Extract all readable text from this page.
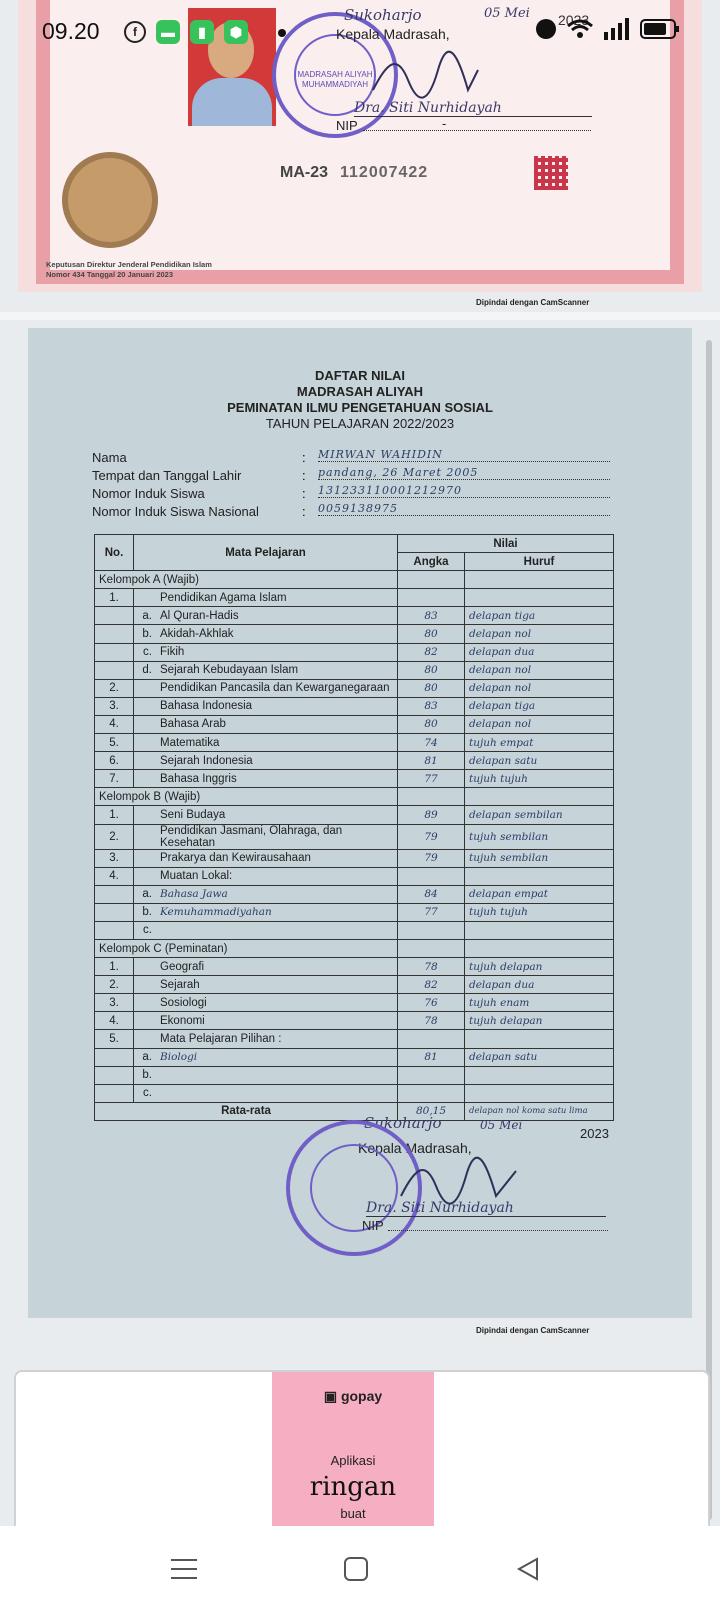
09.20	f	▬	▮	⬢
MADRASAH ALIYAH MUHAMMADIYAH
Sukoharjo	05 Mei 2023
Kepala Madrasah,
Dra. Siti Nurhidayah
NIP	-
MA-23 112007422
Keputusan Direktur Jenderal Pendidikan Islam
Nomor 434 Tanggal 20 Januari 2023
Dipindai dengan CamScanner
DAFTAR NILAI
MADRASAH ALIYAH
PEMINATAN ILMU PENGETAHUAN SOSIAL
TAHUN PELAJARAN 2022/2023
Nama	: MIRWAN WAHIDIN
Tempat dan Tanggal Lahir	: pandang, 26 Maret 2005
Nomor Induk Siswa	: 131233110001212970
Nomor Induk Siswa Nasional	: 0059138975
No.	Mata Pelajaran		Nilai	
			Angka	Huruf
Kelompok A (Wajib)				
1.		Pendidikan Agama Islam		
	a.	Al Quran-Hadis	83	delapan tiga
	b.	Akidah-Akhlak	80	delapan nol
	c.	Fikih	82	delapan dua
	d.	Sejarah Kebudayaan Islam	80	delapan nol
2.		Pendidikan Pancasila dan Kewarganegaraan	80	delapan nol
3.		Bahasa Indonesia	83	delapan tiga
4.		Bahasa Arab	80	delapan nol
5.		Matematika	74	tujuh empat
6.		Sejarah Indonesia	81	delapan satu
7.		Bahasa Inggris	77	tujuh tujuh
Kelompok B (Wajib)				
1.		Seni Budaya	89	delapan sembilan
2.		Pendidikan Jasmani, Olahraga, dan Kesehatan	79	tujuh sembilan
3.		Prakarya dan Kewirausahaan	79	tujuh sembilan
4.		Muatan Lokal:		
	a.	Bahasa Jawa	84	delapan empat
	b.	Kemuhammadiyahan	77	tujuh tujuh
	c.			
Kelompok C (Peminatan)				
1.		Geografi	78	tujuh delapan
2.		Sejarah	82	delapan dua
3.		Sosiologi	76	tujuh enam
4.		Ekonomi	78	tujuh delapan
5.		Mata Pelajaran Pilihan :		
	a.	Biologi	81	delapan satu
	b.			
	c.			
Rata-rata			80,15	delapan nol koma satu lima
Sukoharjo	05 Mei
2023
Kepala Madrasah,
Dra. Siti Nurhidayah
NIP
Dipindai dengan CamScanner
▣ gopay
Aplikasi
ringan
buat
